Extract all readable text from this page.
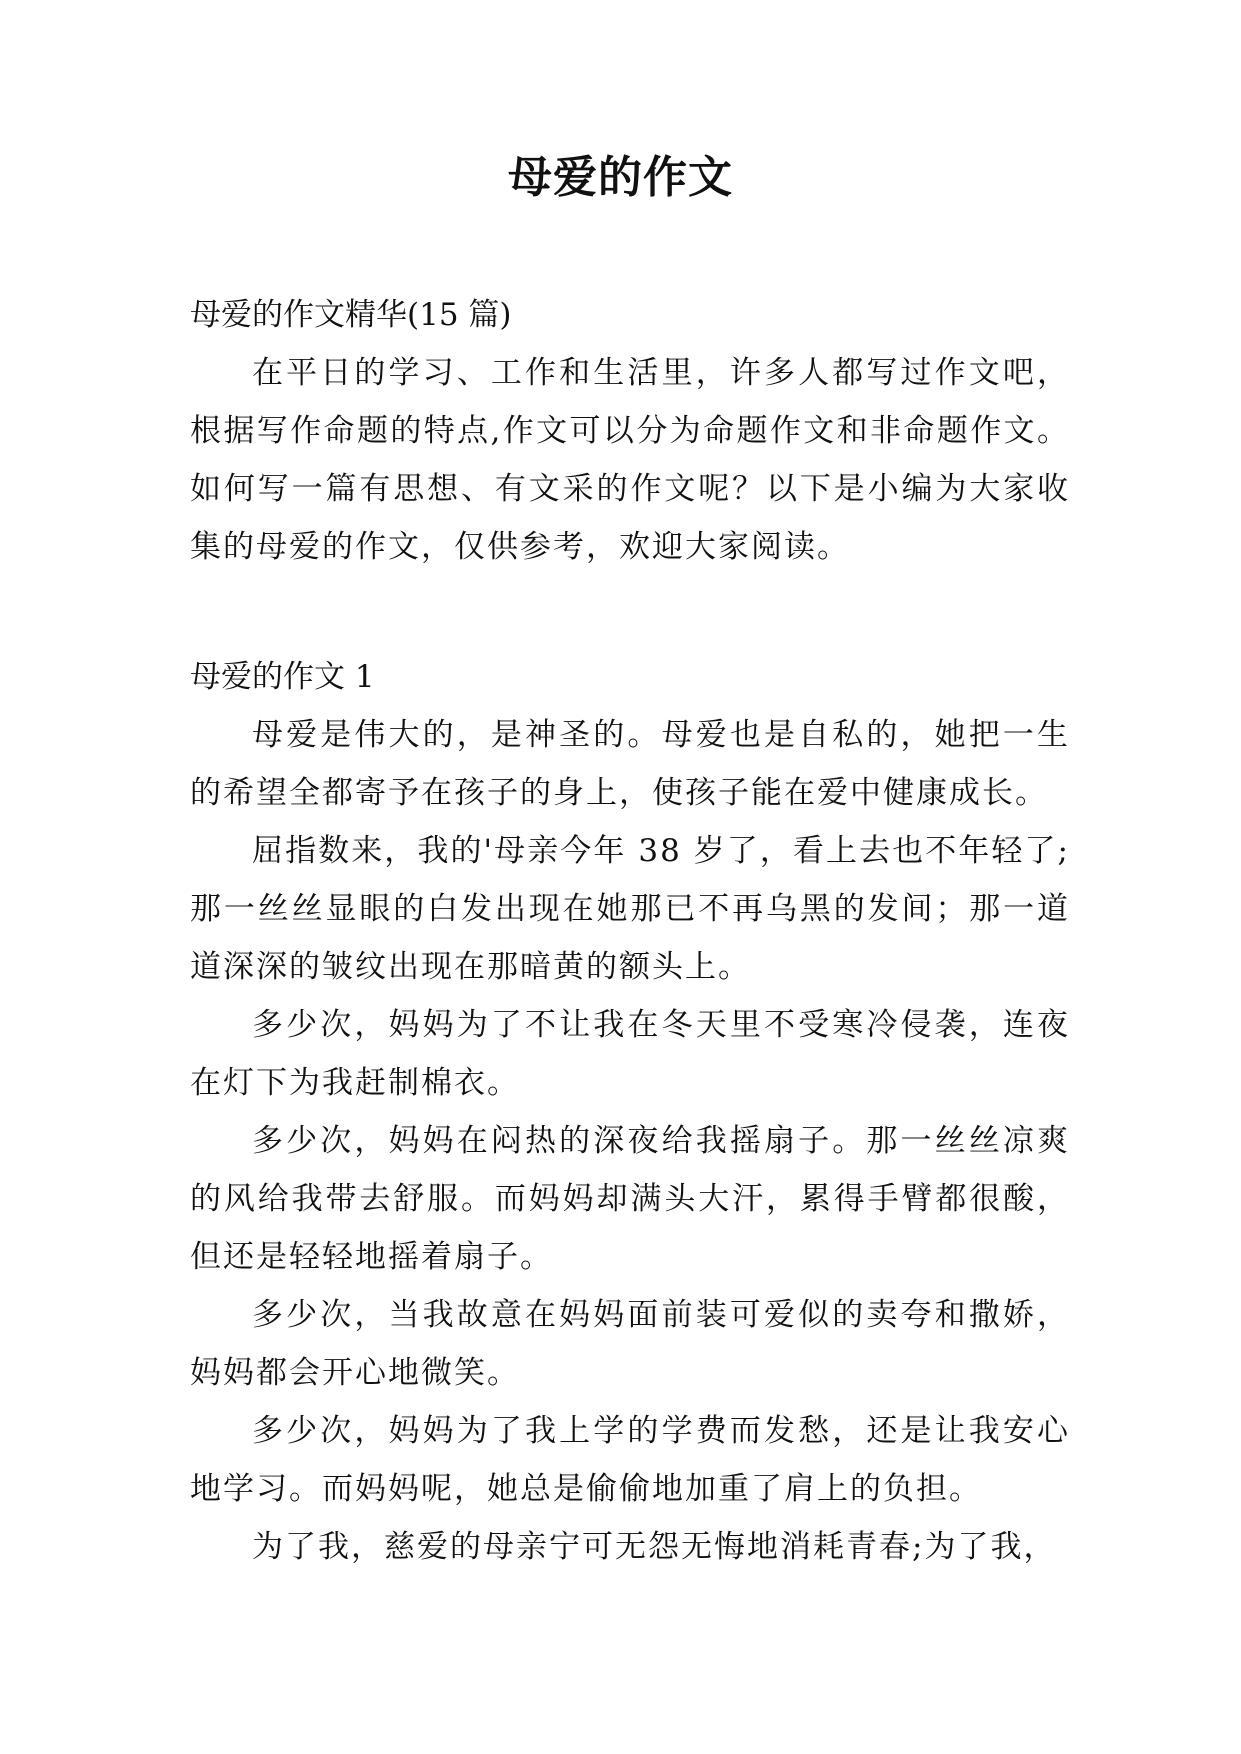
母爱的作文

母爱的作文精华(15 篇)

在平日的学习、工作和生活里，许多人都写过作文吧，根据写作命题的特点,作文可以分为命题作文和非命题作文。如何写一篇有思想、有文采的作文呢？以下是小编为大家收集的母爱的作文，仅供参考，欢迎大家阅读。

母爱的作文 1

母爱是伟大的，是神圣的。母爱也是自私的，她把一生的希望全都寄予在孩子的身上，使孩子能在爱中健康成长。

屈指数来，我的'母亲今年 38 岁了，看上去也不年轻了;那一丝丝显眼的白发出现在她那已不再乌黑的发间；那一道道深深的皱纹出现在那暗黄的额头上。

多少次，妈妈为了不让我在冬天里不受寒冷侵袭，连夜在灯下为我赶制棉衣。

多少次，妈妈在闷热的深夜给我摇扇子。那一丝丝凉爽的风给我带去舒服。而妈妈却满头大汗，累得手臂都很酸，但还是轻轻地摇着扇子。

多少次，当我故意在妈妈面前装可爱似的卖夸和撒娇，妈妈都会开心地微笑。

多少次，妈妈为了我上学的学费而发愁，还是让我安心地学习。而妈妈呢，她总是偷偷地加重了肩上的负担。

为了我，慈爱的母亲宁可无怨无悔地消耗青春;为了我，
